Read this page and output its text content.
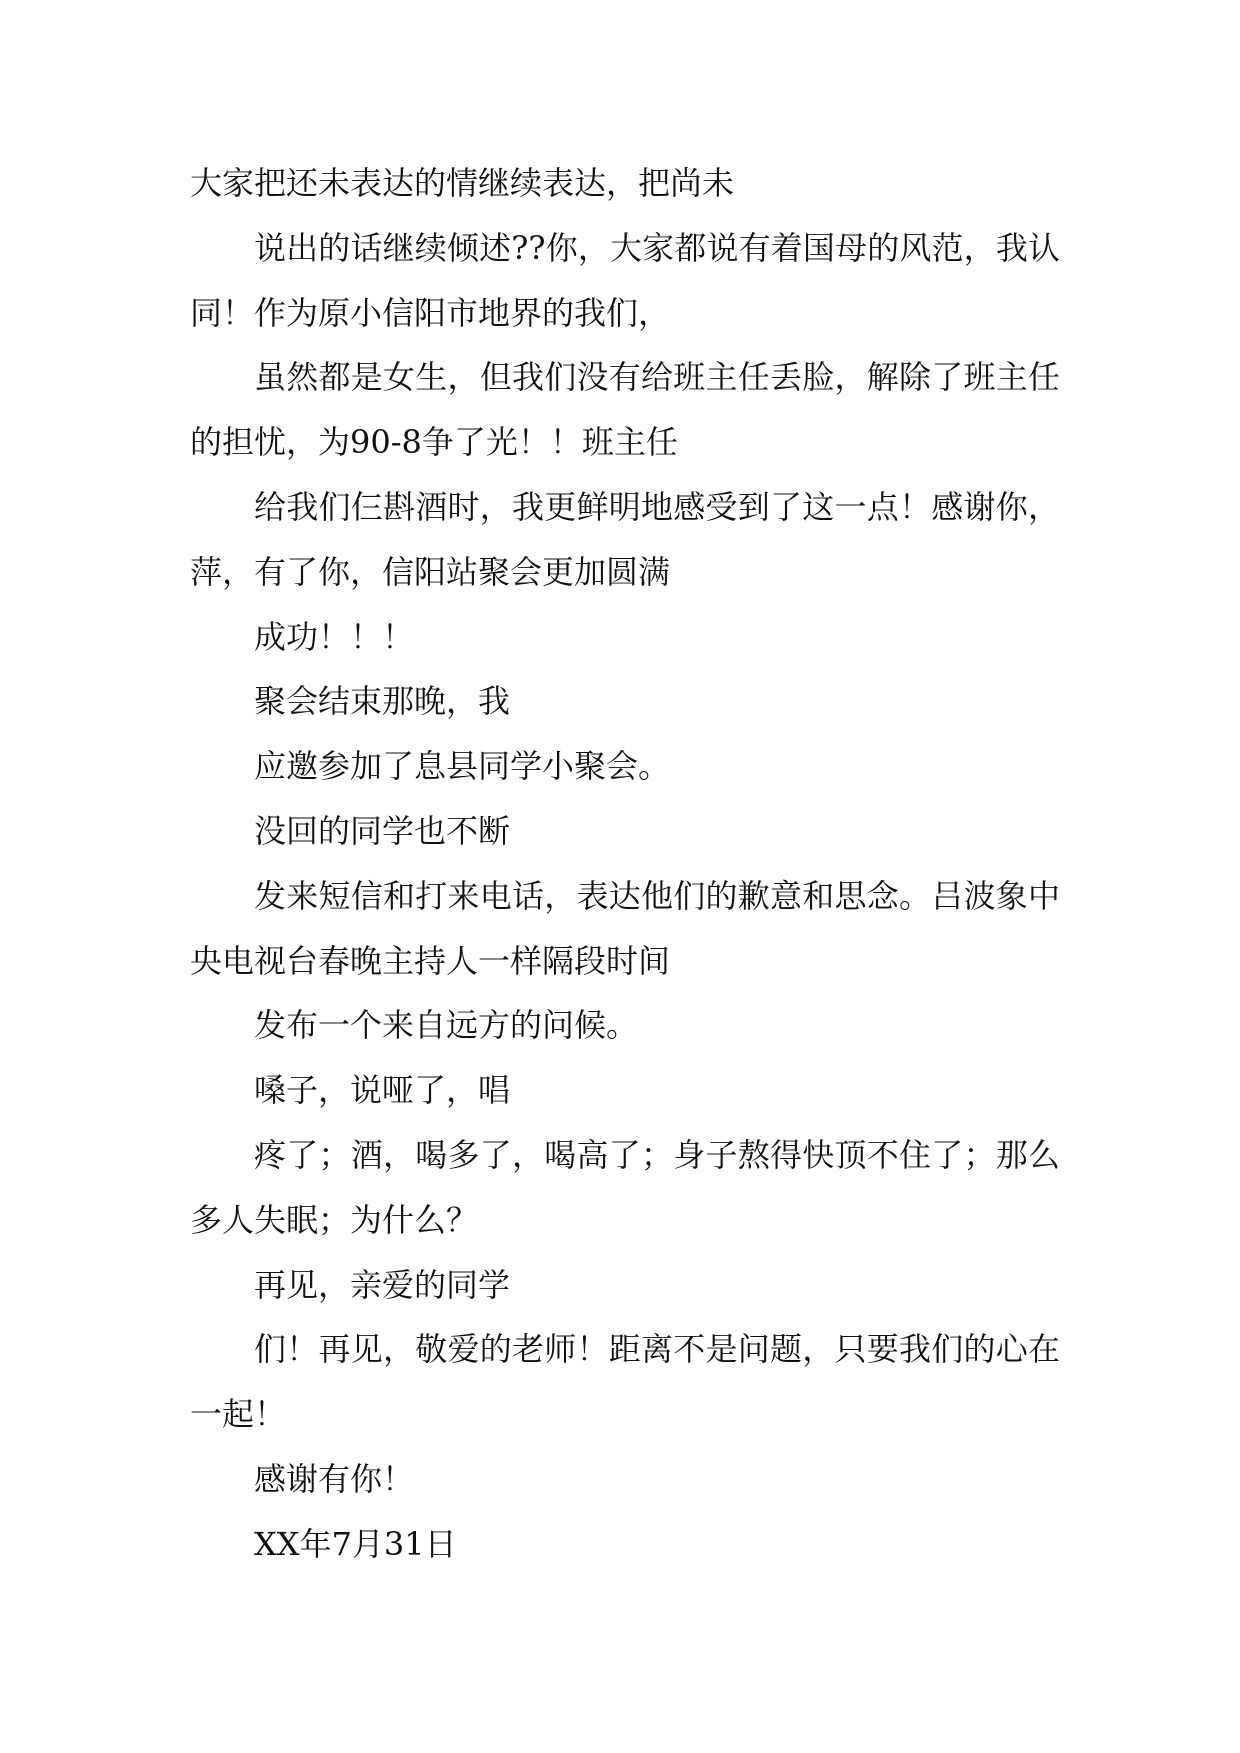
大家把还未表达的情继续表达，把尚未

说出的话继续倾述??你，大家都说有着国母的风范，我认同！作为原小信阳市地界的我们，

虽然都是女生，但我们没有给班主任丢脸，解除了班主任的担忧，为90-8争了光！！班主任

给我们仨斟酒时，我更鲜明地感受到了这一点！感谢你，萍，有了你，信阳站聚会更加圆满

成功！！！

聚会结束那晚，我

应邀参加了息县同学小聚会。

没回的同学也不断

发来短信和打来电话，表达他们的歉意和思念。吕波象中央电视台春晚主持人一样隔段时间

发布一个来自远方的问候。

嗓子，说哑了，唱

疼了；酒，喝多了，喝高了；身子熬得快顶不住了；那么多人失眠；为什么？

再见，亲爱的同学

们！再见，敬爱的老师！距离不是问题，只要我们的心在一起！

感谢有你！

XX年7月31日
